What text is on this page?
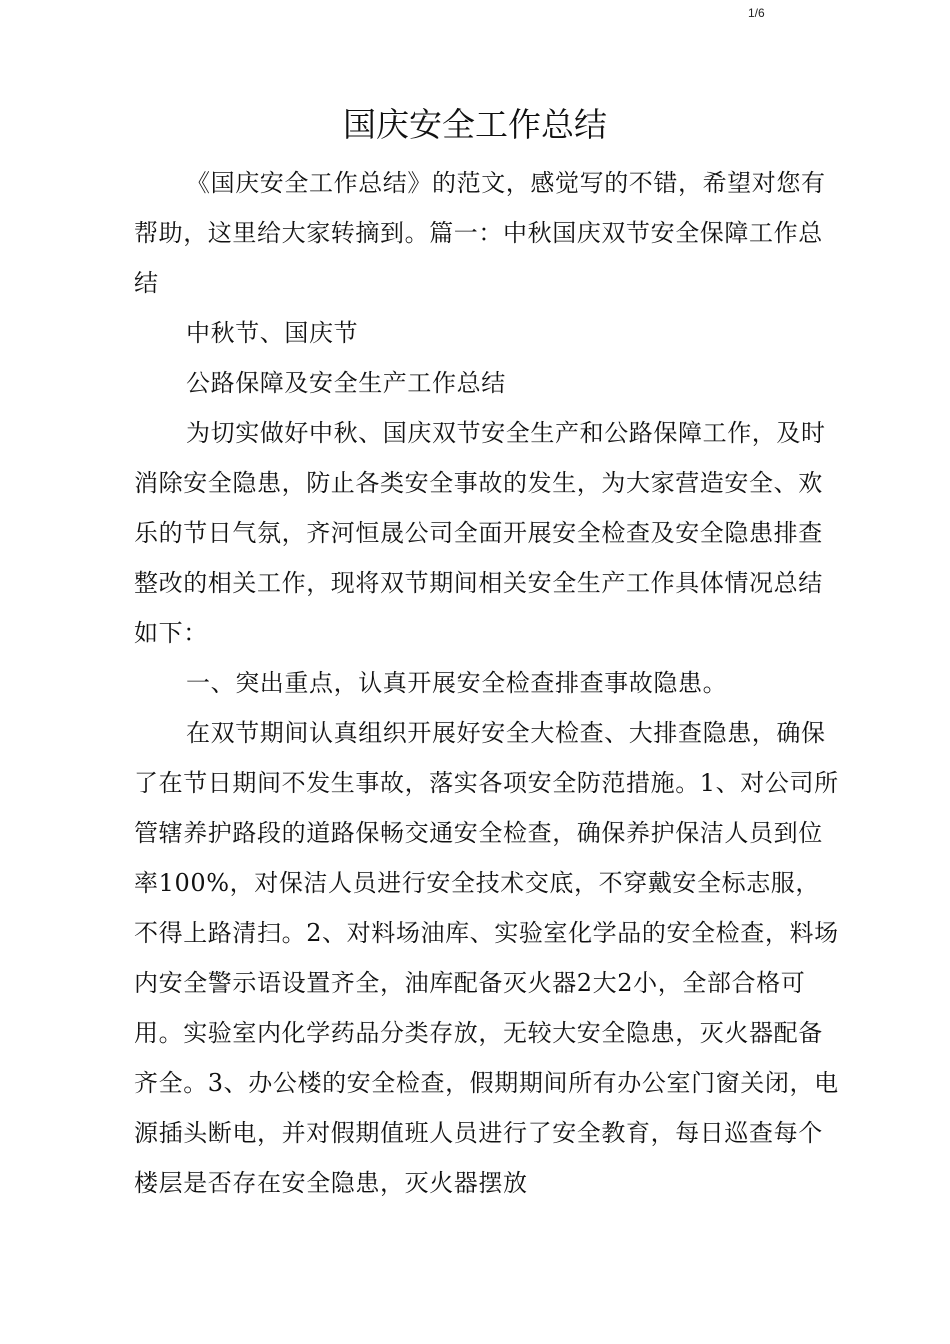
1/6
国庆安全工作总结

《国庆安全工作总结》的范文，感觉写的不错，希望对您有帮助，这里给大家转摘到。篇一：中秋国庆双节安全保障工作总结

中秋节、国庆节

公路保障及安全生产工作总结

为切实做好中秋、国庆双节安全生产和公路保障工作，及时消除安全隐患，防止各类安全事故的发生，为大家营造安全、欢乐的节日气氛，齐河恒晟公司全面开展安全检查及安全隐患排查整改的相关工作，现将双节期间相关安全生产工作具体情况总结如下：

一、突出重点，认真开展安全检查排查事故隐患。

在双节期间认真组织开展好安全大检查、大排查隐患，确保了在节日期间不发生事故，落实各项安全防范措施。1、对公司所管辖养护路段的道路保畅交通安全检查，确保养护保洁人员到位率100%，对保洁人员进行安全技术交底，不穿戴安全标志服，不得上路清扫。2、对料场油库、实验室化学品的安全检查，料场内安全警示语设置齐全，油库配备灭火器2大2小，全部合格可用。实验室内化学药品分类存放，无较大安全隐患，灭火器配备齐全。3、办公楼的安全检查，假期期间所有办公室门窗关闭，电源插头断电，并对假期值班人员进行了安全教育，每日巡查每个楼层是否存在安全隐患，灭火器摆放
